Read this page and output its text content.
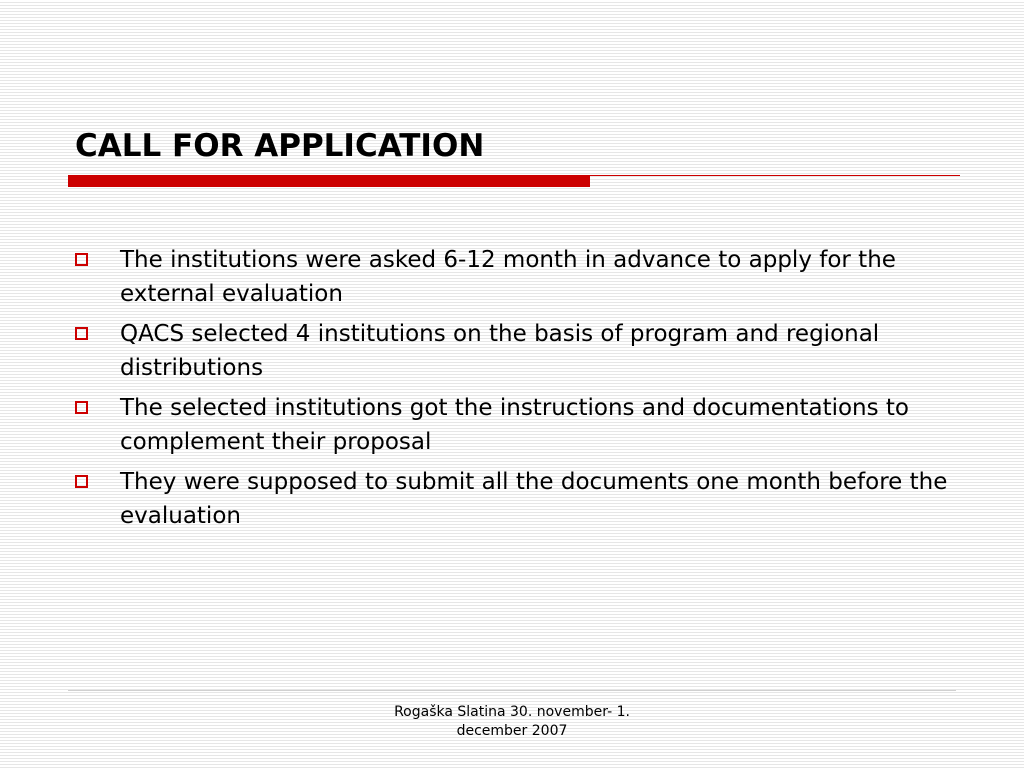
CALL FOR APPLICATION
The institutions were asked 6-12 month in advance to apply for the external evaluation
QACS selected 4 institutions on the basis of program and regional distributions
The selected institutions got the instructions and documentations to complement their proposal
They were supposed to submit all the documents one month before the evaluation
Rogaška Slatina 30. november- 1.
december 2007
